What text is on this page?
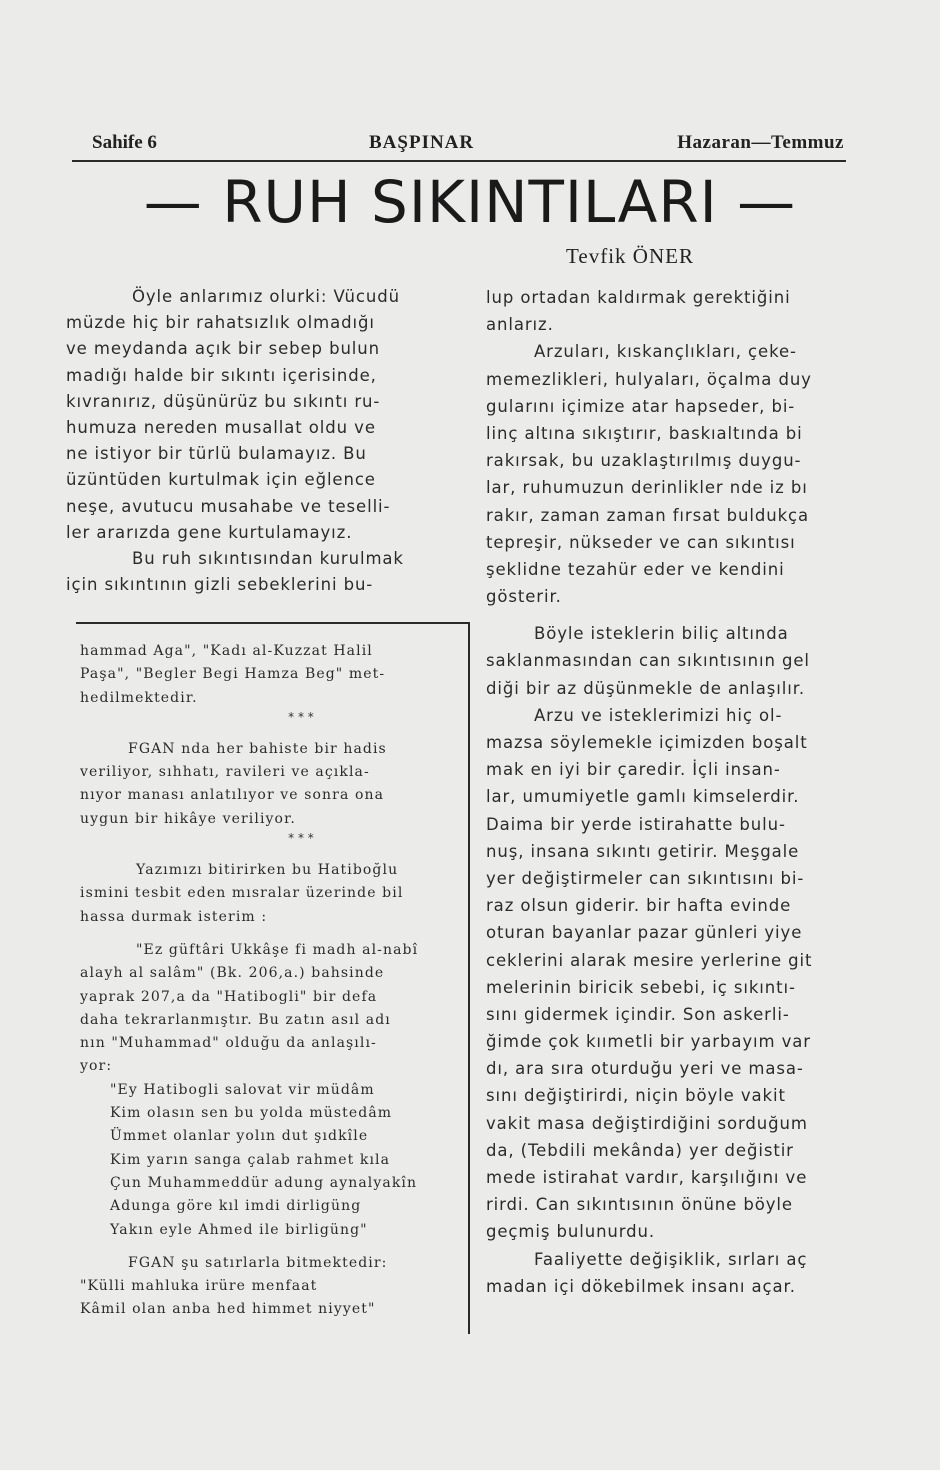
Sahife 6	BAŞPINAR	Hazaran—Temmuz
— RUH SIKINTILARI —
Tevfik ÖNER
Öyle anlarımız olurki: Vücudü
müzde hiç bir rahatsızlık olmadığı
ve meydanda açık bir sebep bulun
madığı halde bir sıkıntı içerisinde,
kıvranırız, düşünürüz bu sıkıntı ru-
humuza nereden musallat oldu ve
ne istiyor bir türlü bulamayız. Bu
üzüntüden kurtulmak için eğlence
neşe, avutucu musahabe ve teselli-
ler ararızda gene kurtulamayız.
Bu ruh sıkıntısından kurulmak
için sıkıntının gizli sebeklerini bu-
hammad Aga", "Kadı al-Kuzzat Halil
Paşa", "Begler Begi Hamza Beg" met-
hedilmektedir.
* * *
FGAN nda her bahiste bir hadis
veriliyor, sıhhatı, ravileri ve açıkla-
nıyor manası anlatılıyor ve sonra ona
uygun bir hikâye veriliyor.
* * *
Yazımızı bitirirken bu Hatiboğlu
ismini tesbit eden mısralar üzerinde bil
hassa durmak isterim :
"Ez güftâri Ukkâşe fi madh al-nabî
alayh al salâm" (Bk. 206,a.) bahsinde
yaprak 207,a da "Hatibogli" bir defa
daha tekrarlanmıştır. Bu zatın asıl adı
nın "Muhammad" olduğu da anlaşılı-
yor:
"Ey Hatibogli salovat vir müdâm
Kim olasın sen bu yolda müstedâm
Ümmet olanlar yolın dut şıdkîle
Kim yarın sanga çalab rahmet kıla
Çun Muhammeddür adung aynalyakîn
Adunga göre kıl imdi dirligüng
Yakın eyle Ahmed ile birligüng"
FGAN şu satırlarla bitmektedir:
"Külli mahluka irüre menfaat
Kâmil olan anba hed himmet niyyet"
lup ortadan kaldırmak gerektiğini
anlarız.
Arzuları, kıskançlıkları, çeke-
memezlikleri, hulyaları, öçalma duy
gularını içimize atar hapseder, bi-
linç altına sıkıştırır, baskıaltında bi
rakırsak, bu uzaklaştırılmış duygu-
lar, ruhumuzun derinlikler nde iz bı
rakır, zaman zaman fırsat buldukça
tepreşir, nükseder ve can sıkıntısı
şeklidne tezahür eder ve kendini
gösterir.
Böyle isteklerin biliç altında
saklanmasından can sıkıntısının gel
diği bir az düşünmekle de anlaşılır.
Arzu ve isteklerimizi hiç ol-
mazsa söylemekle içimizden boşalt
mak en iyi bir çaredir. İçli insan-
lar, umumiyetle gamlı kimselerdir.
Daima bir yerde istirahatte bulu-
nuş, insana sıkıntı getirir. Meşgale
yer değiştirmeler can sıkıntısını bi-
raz olsun giderir. bir hafta evinde
oturan bayanlar pazar günleri yiye
ceklerini alarak mesire yerlerine git
melerinin biricik sebebi, iç sıkıntı-
sını gidermek içindir. Son askerli-
ğimde çok kıımetli bir yarbayım var
dı, ara sıra oturduğu yeri ve masa-
sını değiştirirdi, niçin böyle vakit
vakit masa değiştirdiğini sorduğum
da, (Tebdili mekânda) yer değistir
mede istirahat vardır, karşılığını ve
rirdi. Can sıkıntısının önüne böyle
geçmiş bulunurdu.
Faaliyette değişiklik, sırları aç
madan içi dökebilmek insanı açar.
